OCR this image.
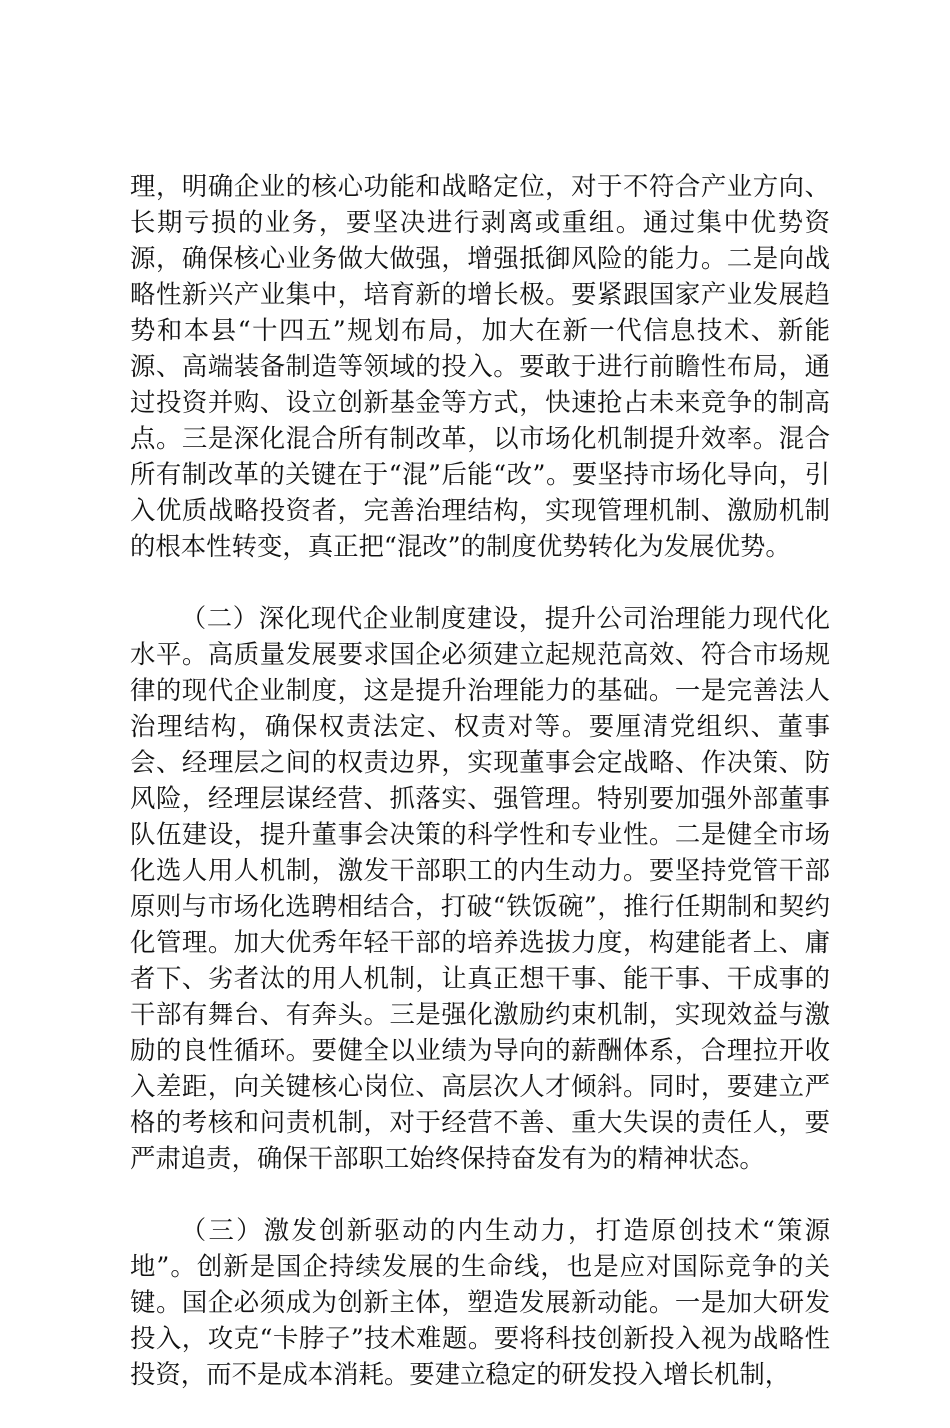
理，明确企业的核心功能和战略定位，对于不符合产业方向、长期亏损的业务，要坚决进行剥离或重组。通过集中优势资源，确保核心业务做大做强，增强抵御风险的能力。二是向战略性新兴产业集中，培育新的增长极。要紧跟国家产业发展趋势和本县“十四五”规划布局，加大在新一代信息技术、新能源、高端装备制造等领域的投入。要敢于进行前瞻性布局，通过投资并购、设立创新基金等方式，快速抢占未来竞争的制高点。三是深化混合所有制改革，以市场化机制提升效率。混合所有制改革的关键在于“混”后能“改”。要坚持市场化导向，引入优质战略投资者，完善治理结构，实现管理机制、激励机制的根本性转变，真正把“混改”的制度优势转化为发展优势。

（二）深化现代企业制度建设，提升公司治理能力现代化水平。高质量发展要求国企必须建立起规范高效、符合市场规律的现代企业制度，这是提升治理能力的基础。一是完善法人治理结构，确保权责法定、权责对等。要厘清党组织、董事会、经理层之间的权责边界，实现董事会定战略、作决策、防风险，经理层谋经营、抓落实、强管理。特别要加强外部董事队伍建设，提升董事会决策的科学性和专业性。二是健全市场化选人用人机制，激发干部职工的内生动力。要坚持党管干部原则与市场化选聘相结合，打破“铁饭碗”，推行任期制和契约化管理。加大优秀年轻干部的培养选拔力度，构建能者上、庸者下、劣者汰的用人机制，让真正想干事、能干事、干成事的干部有舞台、有奔头。三是强化激励约束机制，实现效益与激励的良性循环。要健全以业绩为导向的薪酬体系，合理拉开收入差距，向关键核心岗位、高层次人才倾斜。同时，要建立严格的考核和问责机制，对于经营不善、重大失误的责任人，要严肃追责，确保干部职工始终保持奋发有为的精神状态。

（三）激发创新驱动的内生动力，打造原创技术“策源地”。创新是国企持续发展的生命线，也是应对国际竞争的关键。国企必须成为创新主体，塑造发展新动能。一是加大研发投入，攻克“卡脖子”技术难题。要将科技创新投入视为战略性投资，而不是成本消耗。要建立稳定的研发投入增长机制，
